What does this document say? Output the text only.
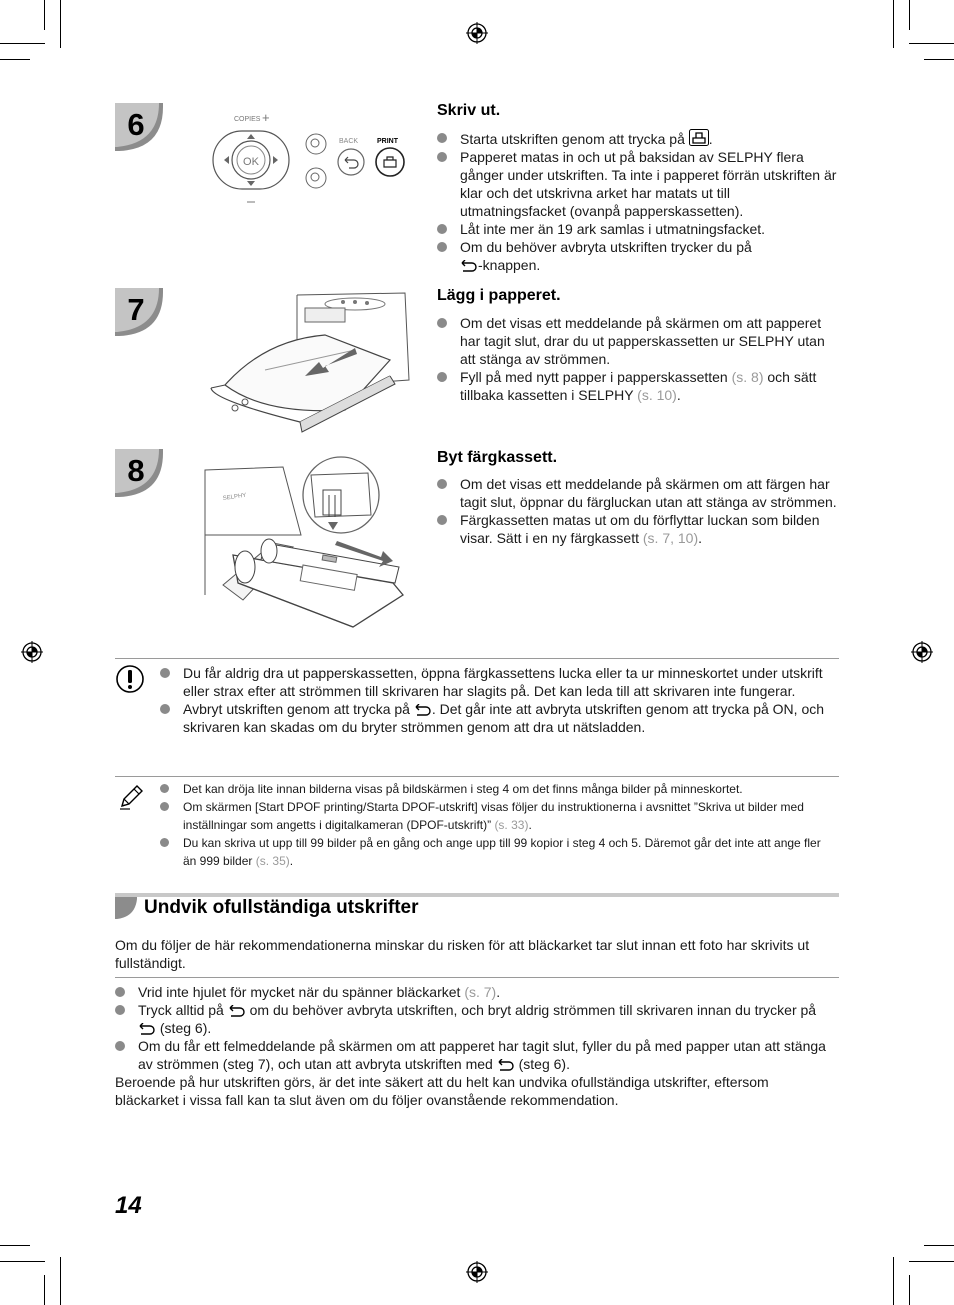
6	COPIES +
OK
BACK	PRINT
Skriv ut.
Starta utskriften genom att trycka på .
Papperet matas in och ut på baksidan av SELPHY flera gånger under utskriften. Ta inte i papperet förrän utskriften är klar och det utskrivna arket har matats ut till utmatningsfacket (ovanpå papperskassetten).
Låt inte mer än 19 ark samlas i utmatningsfacket.
Om du behöver avbryta utskriften trycker du på
-knappen.
7	Lägg i papperet.
Om det visas ett meddelande på skärmen om att papperet har tagit slut, drar du ut papperskassetten ur SELPHY utan att stänga av strömmen.
Fyll på med nytt papper i papperskassetten (s. 8) och sätt tillbaka kassetten i SELPHY (s. 10).
8
SELPHY
Byt färgkassett.
Om det visas ett meddelande på skärmen om att färgen har tagit slut, öppnar du färgluckan utan att stänga av strömmen.
Färgkassetten matas ut om du förflyttar luckan som bilden visar. Sätt i en ny färgkassett (s. 7, 10).
Du får aldrig dra ut papperskassetten, öppna färgkassettens lucka eller ta ur minneskortet under utskrift eller strax efter att strömmen till skrivaren har slagits på. Det kan leda till att skrivaren inte fungerar.
Avbryt utskriften genom att trycka på . Det går inte att avbryta utskriften genom att trycka på ON, och skrivaren kan skadas om du bryter strömmen genom att dra ut nätsladden.
Det kan dröja lite innan bilderna visas på bildskärmen i steg 4 om det finns många bilder på minneskortet.
Om skärmen [Start DPOF printing/Starta DPOF-utskrift] visas följer du instruktionerna i avsnittet ”Skriva ut bilder med inställningar som angetts i digitalkameran (DPOF-utskrift)” (s. 33).
Du kan skriva ut upp till 99 bilder på en gång och ange upp till 99 kopior i steg 4 och 5. Däremot går det inte att ange fler än 999 bilder (s. 35).
Undvik ofullständiga utskrifter

Om du följer de här rekommendationerna minskar du risken för att bläckarket tar slut innan ett foto har skrivits ut fullständigt.

Vrid inte hjulet för mycket när du spänner bläckarket (s. 7).
Tryck alltid på  om du behöver avbryta utskriften, och bryt aldrig strömmen till skrivaren innan du trycker på  (steg 6).
Om du får ett felmeddelande på skärmen om att papperet har tagit slut, fyller du på med papper utan att stänga av strömmen (steg 7), och utan att avbryta utskriften med  (steg 6).

Beroende på hur utskriften görs, är det inte säkert att du helt kan undvika ofullständiga utskrifter, eftersom bläckarket i vissa fall kan ta slut även om du följer ovanstående rekommendation.

14
